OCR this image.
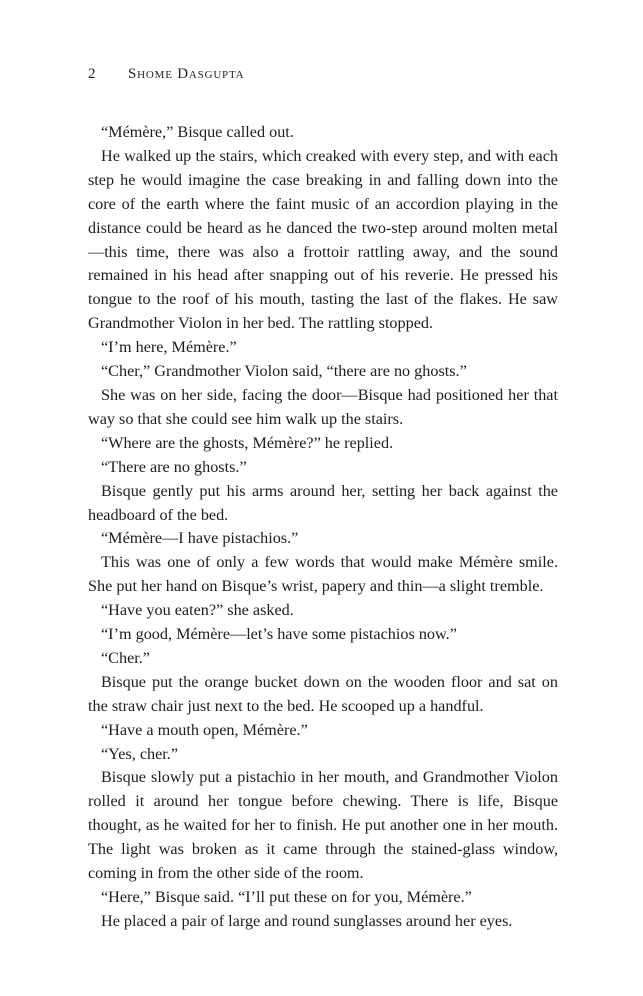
2 Shome Dasgupta

“Mémère,” Bisque called out.

He walked up the stairs, which creaked with every step, and with each step he would imagine the case breaking in and falling down into the core of the earth where the faint music of an accordion playing in the distance could be heard as he danced the two-step around molten metal—this time, there was also a frottoir rattling away, and the sound remained in his head after snapping out of his reverie. He pressed his tongue to the roof of his mouth, tasting the last of the flakes. He saw Grandmother Violon in her bed. The rattling stopped.

“I’m here, Mémère.”

“Cher,” Grandmother Violon said, “there are no ghosts.”

She was on her side, facing the door—Bisque had positioned her that way so that she could see him walk up the stairs.

“Where are the ghosts, Mémère?” he replied.

“There are no ghosts.”

Bisque gently put his arms around her, setting her back against the headboard of the bed.

“Mémère—I have pistachios.”

This was one of only a few words that would make Mémère smile. She put her hand on Bisque’s wrist, papery and thin—a slight tremble.

“Have you eaten?” she asked.

“I’m good, Mémère—let’s have some pistachios now.”

“Cher.”

Bisque put the orange bucket down on the wooden floor and sat on the straw chair just next to the bed. He scooped up a handful.

“Have a mouth open, Mémère.”

“Yes, cher.”

Bisque slowly put a pistachio in her mouth, and Grandmother Violon rolled it around her tongue before chewing. There is life, Bisque thought, as he waited for her to finish. He put another one in her mouth. The light was broken as it came through the stained-glass window, coming in from the other side of the room.

“Here,” Bisque said. “I’ll put these on for you, Mémère.”

He placed a pair of large and round sunglasses around her eyes.
